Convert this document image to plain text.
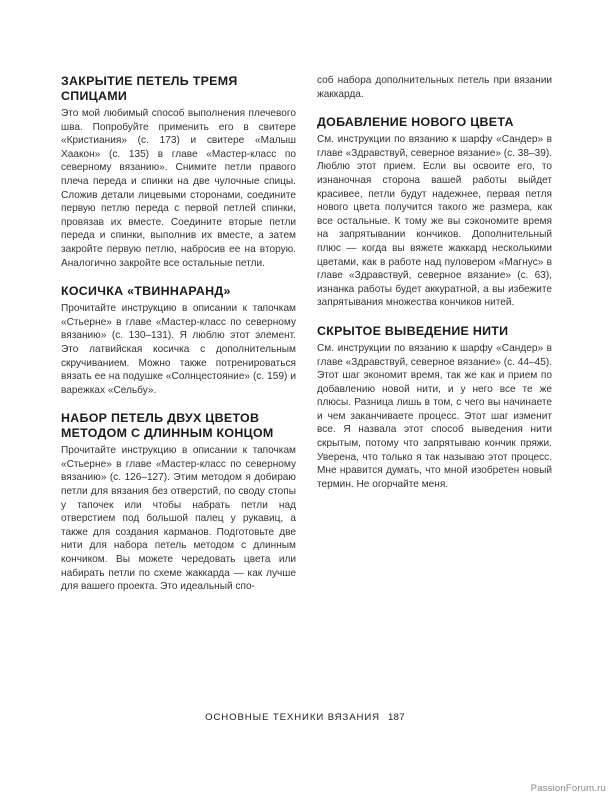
ЗАКРЫТИЕ ПЕТЕЛЬ ТРЕМЯ СПИЦАМИ

Это мой любимый способ выполнения плечевого шва. Попробуйте применить его в свитере «Кристиания» (с. 173) и свитере «Малыш Хаакон» (с. 135) в главе «Мастер-класс по северному вязанию». Снимите петли правого плеча переда и спинки на две чулочные спицы. Сложив детали лицевыми сторонами, соедините первую петлю переда с первой петлей спинки, провязав их вместе. Соедините вторые петли переда и спинки, выполнив их вместе, а затем закройте первую петлю, набросив ее на вторую. Аналогично закройте все остальные петли.

КОСИЧКА «ТВИННАРАНД»

Прочитайте инструкцию в описании к тапочкам «Стьерне» в главе «Мастер-класс по северному вязанию» (с. 130–131). Я люблю этот элемент. Это латвийская косичка с дополнительным скручиванием. Можно также потренироваться вязать ее на подушке «Солнцестояние» (с. 159) и варежках «Сельбу».

НАБОР ПЕТЕЛЬ ДВУХ ЦВЕТОВ МЕТОДОМ С ДЛИННЫМ КОНЦОМ

Прочитайте инструкцию в описании к тапочкам «Стьерне» в главе «Мастер-класс по северному вязанию» (с. 126–127). Этим методом я добираю петли для вязания без отверстий, по своду стопы у тапочек или чтобы набрать петли над отверстием под большой палец у рукавиц, а также для создания карманов. Подготовьте две нити для набора петель методом с длинным кончиком. Вы можете чередовать цвета или набирать петли по схеме жаккарда — как лучше для вашего проекта. Это идеальный спо-

соб набора дополнительных петель при вязании жаккарда.

ДОБАВЛЕНИЕ НОВОГО ЦВЕТА

См. инструкции по вязанию к шарфу «Сандер» в главе «Здравствуй, северное вязание» (с. 38–39). Люблю этот прием. Если вы освоите его, то изнаночная сторона вашей работы выйдет красивее, петли будут надежнее, первая петля нового цвета получится такого же размера, как все остальные. К тому же вы сэкономите время на запрятывании кончиков. Дополнительный плюс — когда вы вяжете жаккард несколькими цветами, как в работе над пуловером «Магнус» в главе «Здравствуй, северное вязание» (с. 63), изнанка работы будет аккуратной, а вы избежите запрятывания множества кончиков нитей.

СКРЫТОЕ ВЫВЕДЕНИЕ НИТИ

См. инструкции по вязанию к шарфу «Сандер» в главе «Здравствуй, северное вязание» (с. 44–45). Этот шаг экономит время, так же как и прием по добавлению новой нити, и у него все те же плюсы. Разница лишь в том, с чего вы начинаете и чем заканчиваете процесс. Этот шаг изменит все. Я назвала этот способ выведения нити скрытым, потому что запрятываю кончик пряжи. Уверена, что только я так называю этот процесс. Мне нравится думать, что мной изобретен новый термин. Не огорчайте меня.

ОСНОВНЫЕ ТЕХНИКИ ВЯЗАНИЯ 187
PassionForum.ru
